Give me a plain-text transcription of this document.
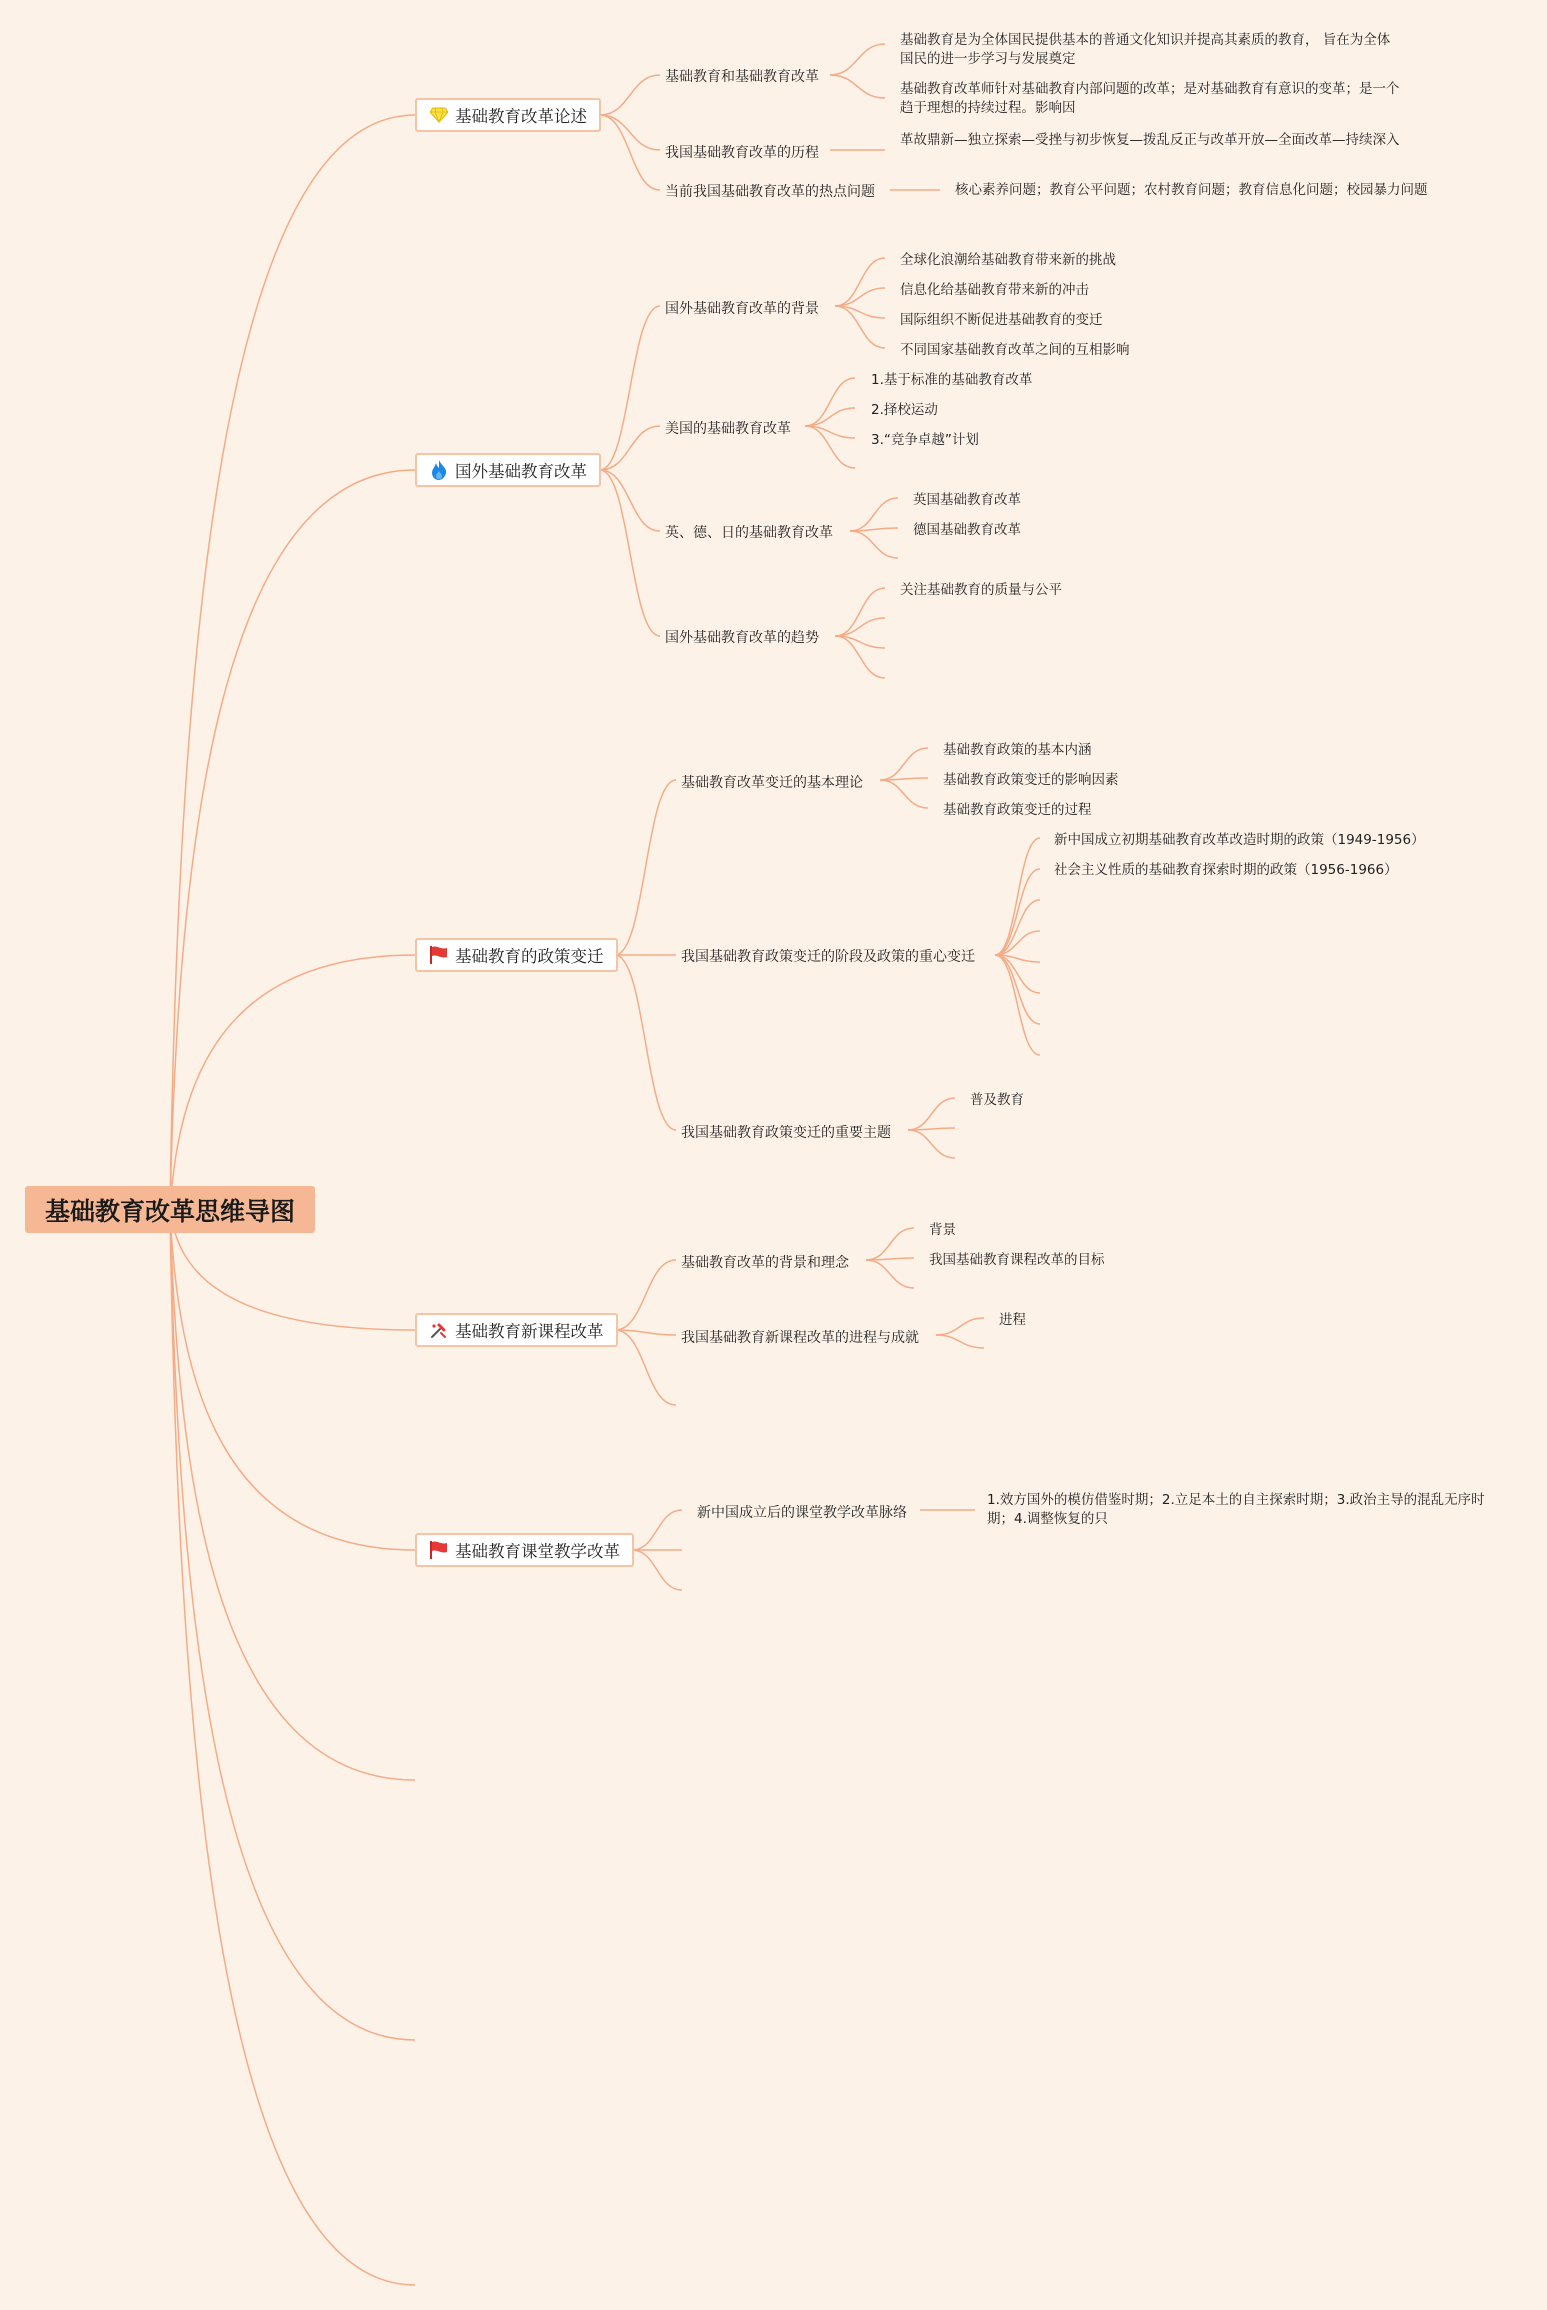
基础教育改革思维导图
基础教育改革论述
基础教育和基础教育改革
基础教育是为全体国民提供基本的普通文化知识并提高其素质的教育， 旨在为全体国民的进一步学习与发展奠定
基础教育改革师针对基础教育内部问题的改革；是对基础教育有意识的变革；是一个趋于理想的持续过程。影响因
我国基础教育改革的历程
革故鼎新—独立探索—受挫与初步恢复—拨乱反正与改革开放—全面改革—持续深入
当前我国基础教育改革的热点问题	核心素养问题；教育公平问题；农村教育问题；教育信息化问题；校园暴力问题
国外基础教育改革
国外基础教育改革的背景
全球化浪潮给基础教育带来新的挑战
信息化给基础教育带来新的冲击
国际组织不断促进基础教育的变迁
不同国家基础教育改革之间的互相影响
美国的基础教育改革
1.基于标准的基础教育改革
2.择校运动
3.“竞争卓越”计划
英、德、日的基础教育改革
英国基础教育改革
德国基础教育改革
国外基础教育改革的趋势
关注基础教育的质量与公平
基础教育的政策变迁
基础教育改革变迁的基本理论
基础教育政策的基本内涵
基础教育政策变迁的影响因素
基础教育政策变迁的过程
我国基础教育政策变迁的阶段及政策的重心变迁
新中国成立初期基础教育改革改造时期的政策（1949-1956）
社会主义性质的基础教育探索时期的政策（1956-1966）
我国基础教育政策变迁的重要主题
普及教育
基础教育新课程改革
基础教育改革的背景和理念
背景
我国基础教育课程改革的目标
我国基础教育新课程改革的进程与成就
进程
基础教育课堂教学改革
新中国成立后的课堂教学改革脉络
1.效方国外的模仿借鉴时期；2.立足本土的自主探索时期；3.政治主导的混乱无序时期；4.调整恢复的只
